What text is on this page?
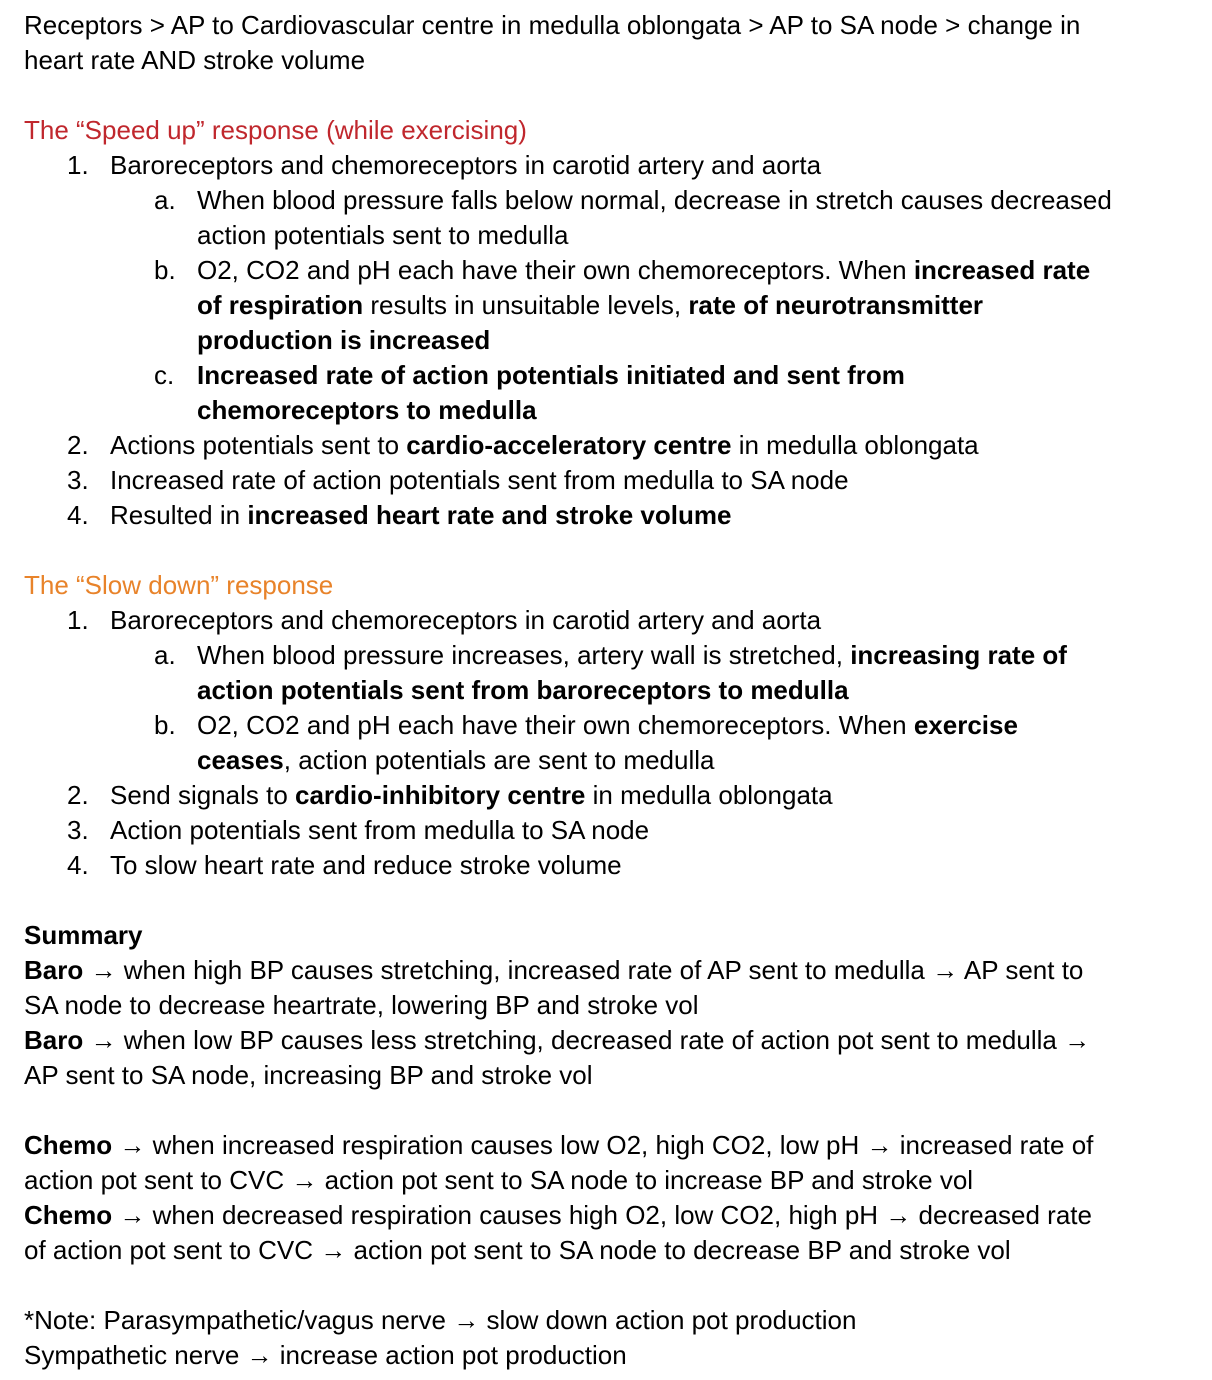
Receptors > AP to Cardiovascular centre in medulla oblongata > AP to SA node > change in heart rate AND stroke volume

The “Speed up” response (while exercising)

1. Baroreceptors and chemoreceptors in carotid artery and aorta
a. When blood pressure falls below normal, decrease in stretch causes decreased action potentials sent to medulla
b. O2, CO2 and pH each have their own chemoreceptors. When increased rate of respiration results in unsuitable levels, rate of neurotransmitter production is increased
c. Increased rate of action potentials initiated and sent from chemoreceptors to medulla
2. Actions potentials sent to cardio-acceleratory centre in medulla oblongata
3. Increased rate of action potentials sent from medulla to SA node
4. Resulted in increased heart rate and stroke volume

The “Slow down” response

1. Baroreceptors and chemoreceptors in carotid artery and aorta
a. When blood pressure increases, artery wall is stretched, increasing rate of action potentials sent from baroreceptors to medulla
b. O2, CO2 and pH each have their own chemoreceptors. When exercise ceases, action potentials are sent to medulla
2. Send signals to cardio-inhibitory centre in medulla oblongata
3. Action potentials sent from medulla to SA node
4. To slow heart rate and reduce stroke volume

Summary

Baro → when high BP causes stretching, increased rate of AP sent to medulla → AP sent to SA node to decrease heartrate, lowering BP and stroke vol

Baro → when low BP causes less stretching, decreased rate of action pot sent to medulla → AP sent to SA node, increasing BP and stroke vol

Chemo → when increased respiration causes low O2, high CO2, low pH → increased rate of action pot sent to CVC → action pot sent to SA node to increase BP and stroke vol

Chemo → when decreased respiration causes high O2, low CO2, high pH → decreased rate of action pot sent to CVC → action pot sent to SA node to decrease BP and stroke vol

*Note: Parasympathetic/vagus nerve → slow down action pot production

Sympathetic nerve → increase action pot production
